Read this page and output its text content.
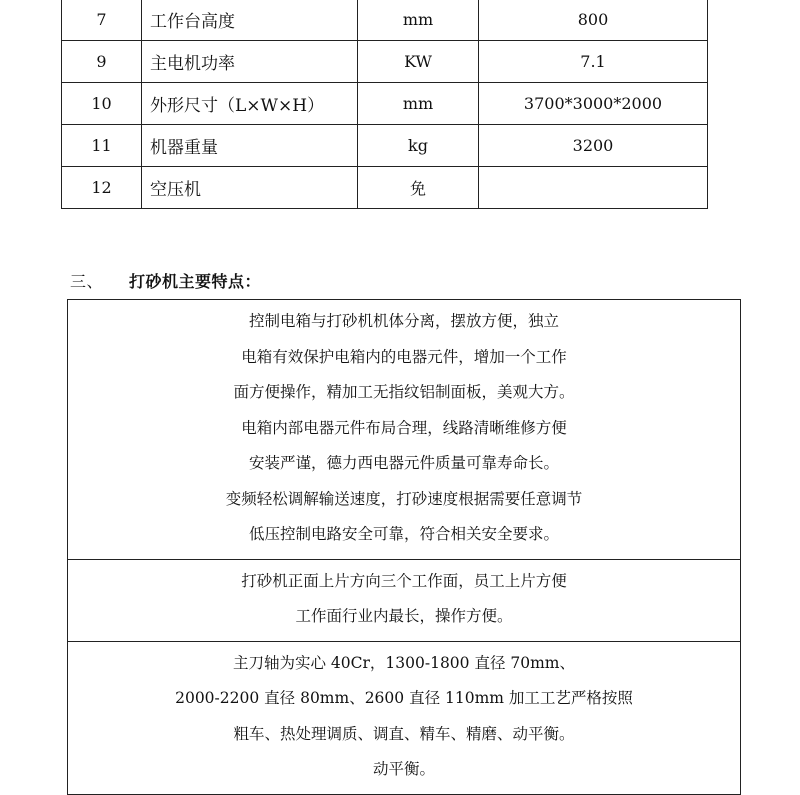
7	工作台高度	mm	800
9	主电机功率	KW	7.1
10	外形尺寸（L×W×H）	mm	3700*3000*2000
11	机器重量	kg	3200
12	空压机	免	
三、 打砂机主要特点：
控制电箱与打砂机机体分离，摆放方便，独立
电箱有效保护电箱内的电器元件，增加一个工作
面方便操作，精加工无指纹铝制面板，美观大方。
电箱内部电器元件布局合理，线路清晰维修方便
安装严谨，德力西电器元件质量可靠寿命长。
变频轻松调解输送速度，打砂速度根据需要任意调节
低压控制电路安全可靠，符合相关安全要求。
打砂机正面上片方向三个工作面，员工上片方便
工作面行业内最长，操作方便。
主刀轴为实心 40Cr，1300-1800 直径 70mm、
2000-2200 直径 80mm、2600 直径 110mm 加工工艺严格按照
粗车、热处理调质、调直、精车、精磨、动平衡。
动平衡。
